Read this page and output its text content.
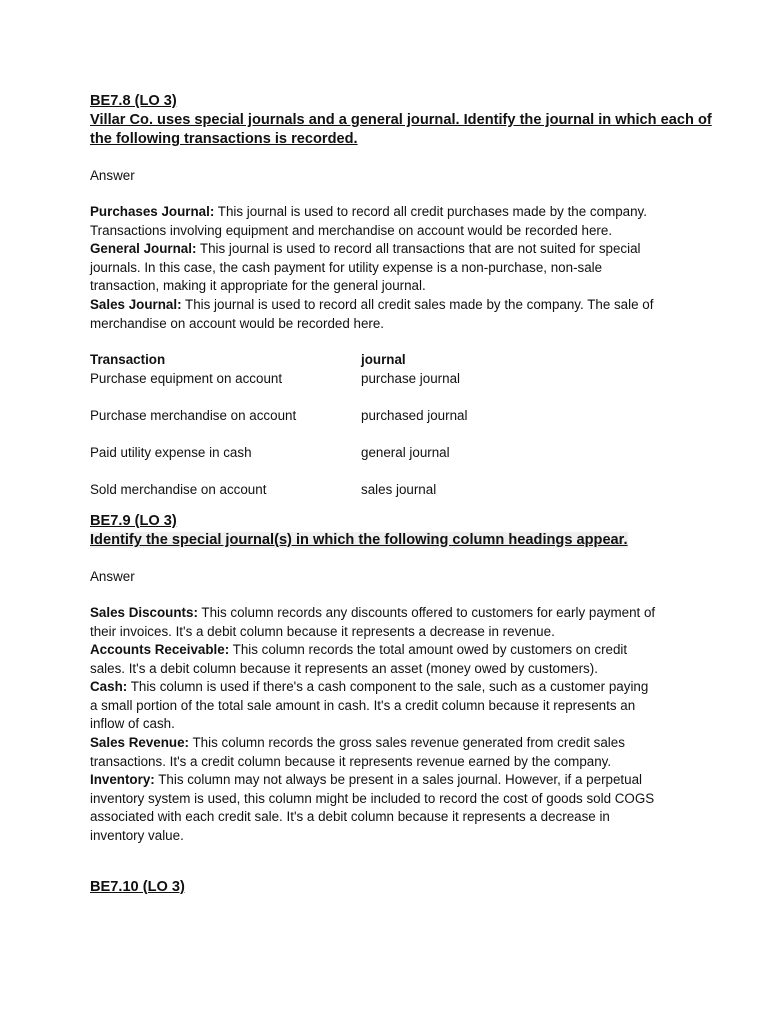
BE7.8 (LO 3)
Villar Co. uses special journals and a general journal. Identify the journal in which each of
the following transactions is recorded.
Answer
Purchases Journal: This journal is used to record all credit purchases made by the company.
Transactions involving equipment and merchandise on account would be recorded here.
General Journal: This journal is used to record all transactions that are not suited for special
journals. In this case, the cash payment for utility expense is a non-purchase, non-sale
transaction, making it appropriate for the general journal.
Sales Journal: This journal is used to record all credit sales made by the company. The sale of
merchandise on account would be recorded here.
Transaction	journal
Purchase equipment on account	purchase journal
Purchase merchandise on account	purchased journal
Paid utility expense in cash	general journal
Sold merchandise on account	sales journal
BE7.9 (LO 3)
Identify the special journal(s) in which the following column headings appear.
Answer
Sales Discounts: This column records any discounts offered to customers for early payment of
their invoices. It's a debit column because it represents a decrease in revenue.
Accounts Receivable: This column records the total amount owed by customers on credit
sales. It's a debit column because it represents an asset (money owed by customers).
Cash: This column is used if there's a cash component to the sale, such as a customer paying
a small portion of the total sale amount in cash. It's a credit column because it represents an
inflow of cash.
Sales Revenue: This column records the gross sales revenue generated from credit sales
transactions. It's a credit column because it represents revenue earned by the company.
Inventory: This column may not always be present in a sales journal. However, if a perpetual
inventory system is used, this column might be included to record the cost of goods sold COGS
associated with each credit sale. It's a debit column because it represents a decrease in
inventory value.
BE7.10 (LO 3)
